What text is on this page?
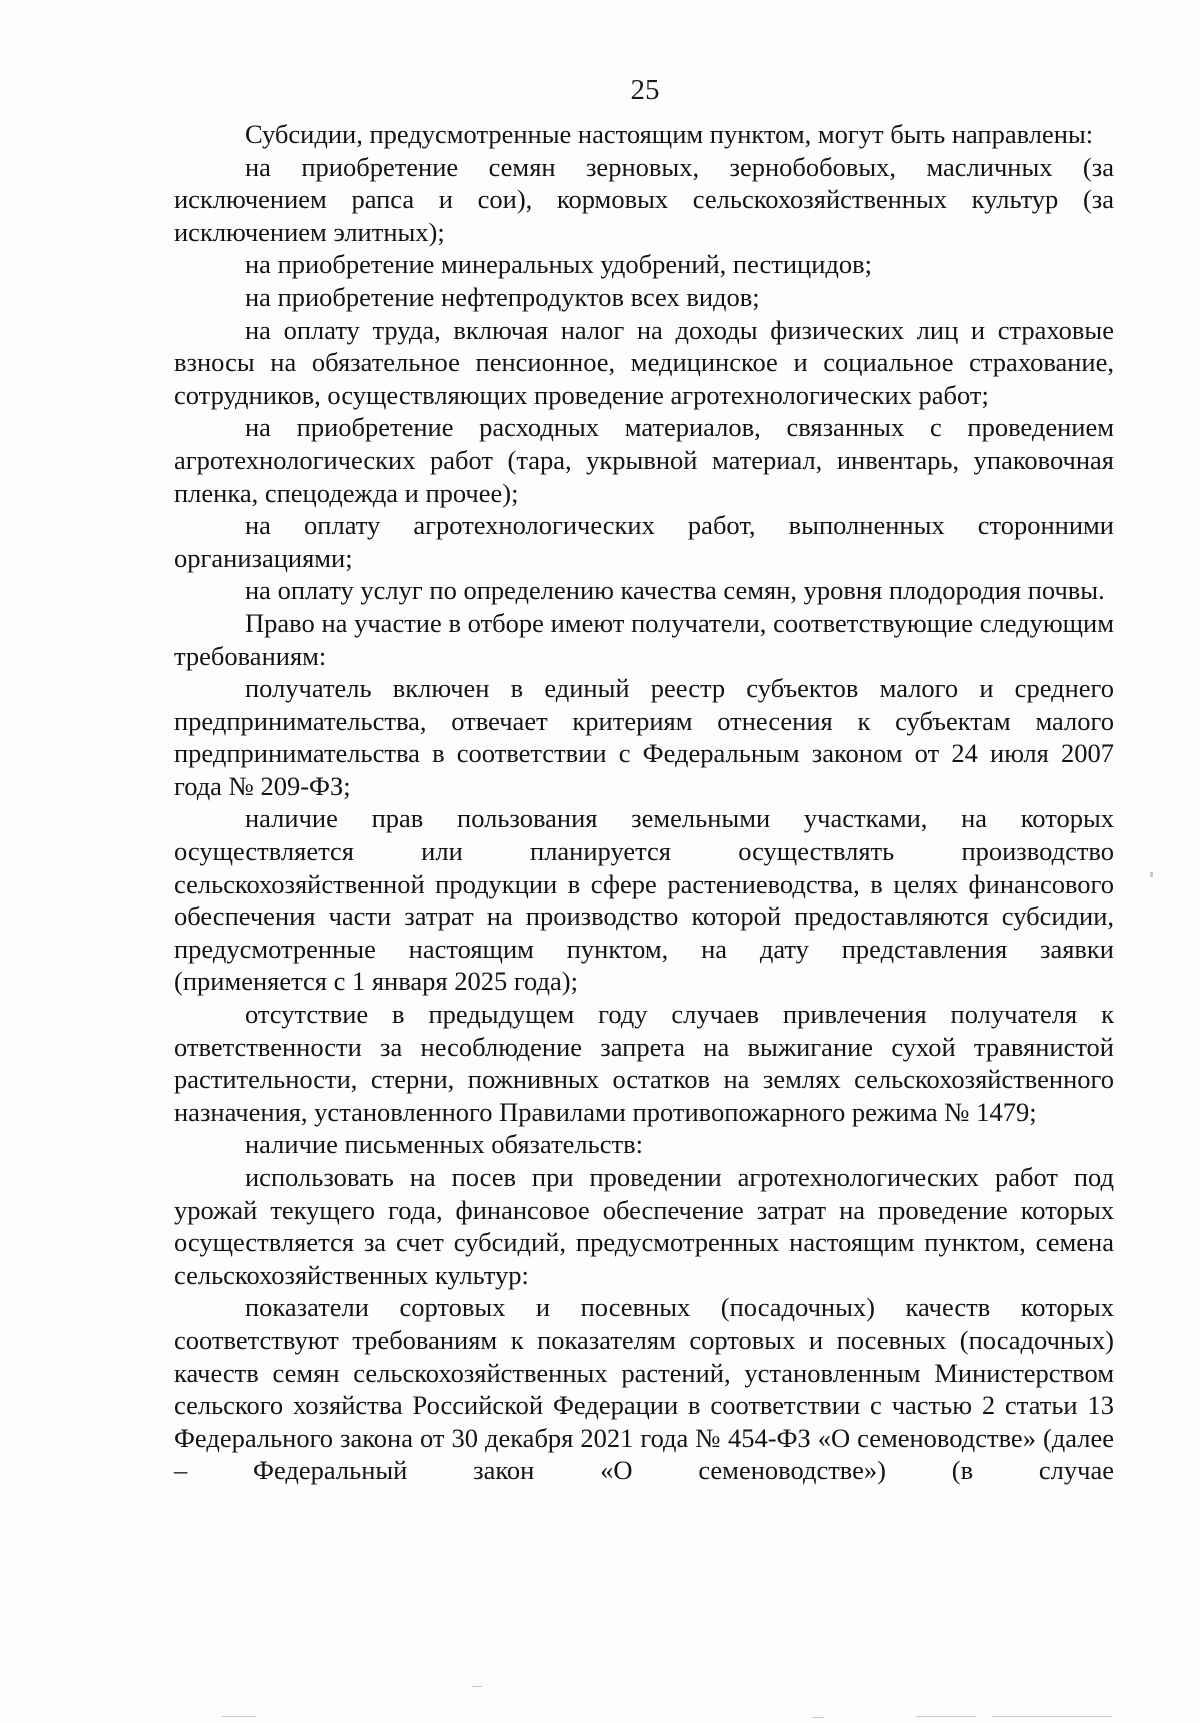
25

Субсидии, предусмотренные настоящим пунктом, могут быть направлены:

на приобретение семян зерновых, зернобобовых, масличных (за исключением рапса и сои), кормовых сельскохозяйственных культур (за исключением элитных);

на приобретение минеральных удобрений, пестицидов;

на приобретение нефтепродуктов всех видов;

на оплату труда, включая налог на доходы физических лиц и страховые взносы на обязательное пенсионное, медицинское и социальное страхование, сотрудников, осуществляющих проведение агротехнологических работ;

на приобретение расходных материалов, связанных с проведением агротехнологических работ (тара, укрывной материал, инвентарь, упаковочная пленка, спецодежда и прочее);

на оплату агротехнологических работ, выполненных сторонними организациями;

на оплату услуг по определению качества семян, уровня плодородия почвы.

Право на участие в отборе имеют получатели, соответствующие следующим требованиям:

получатель включен в единый реестр субъектов малого и среднего предпринимательства, отвечает критериям отнесения к субъектам малого предпринимательства в соответствии с Федеральным законом от 24 июля 2007 года № 209-ФЗ;

наличие прав пользования земельными участками, на которых осуществляется или планируется осуществлять производство сельскохозяйственной продукции в сфере растениеводства, в целях финансового обеспечения части затрат на производство которой предоставляются субсидии, предусмотренные настоящим пунктом, на дату представления заявки (применяется с 1 января 2025 года);

отсутствие в предыдущем году случаев привлечения получателя к ответственности за несоблюдение запрета на выжигание сухой травянистой растительности, стерни, пожнивных остатков на землях сельскохозяйственного назначения, установленного Правилами противопожарного режима № 1479;

наличие письменных обязательств:

использовать на посев при проведении агротехнологических работ под урожай текущего года, финансовое обеспечение затрат на проведение которых осуществляется за счет субсидий, предусмотренных настоящим пунктом, семена сельскохозяйственных культур:

показатели сортовых и посевных (посадочных) качеств которых соответствуют требованиям к показателям сортовых и посевных (посадочных) качеств семян сельскохозяйственных растений, установленным Министерством сельского хозяйства Российской Федерации в соответствии с частью 2 статьи 13 Федерального закона от 30 декабря 2021 года № 454-ФЗ «О семеноводстве» (далее – Федеральный закон «О семеноводстве») (в случае
